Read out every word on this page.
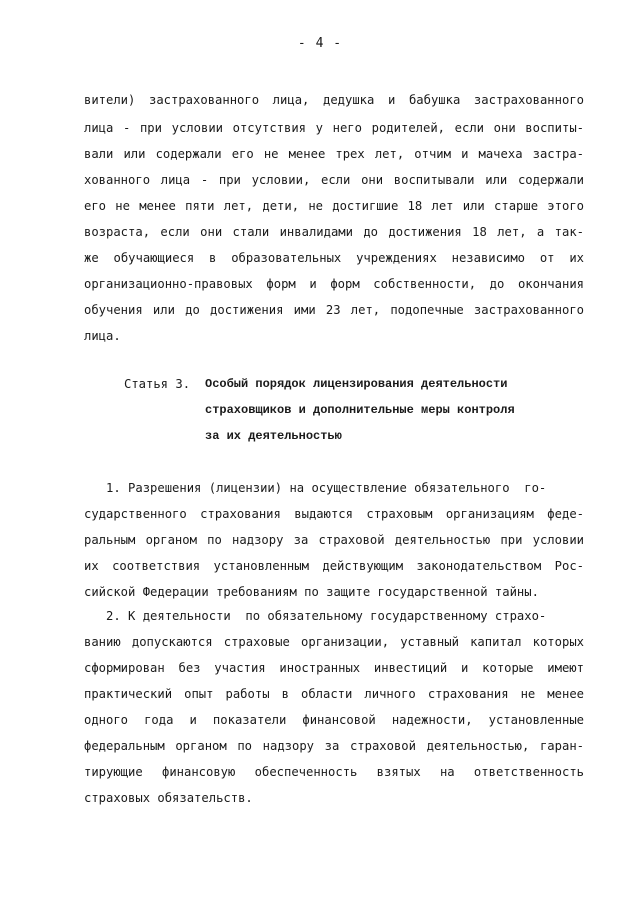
- 4 -
вители) застрахованного лица, дедушка и бабушка застрахованного
лица - при условии отсутствия у него родителей, если они воспиты-
вали или содержали его не менее трех лет, отчим и мачеха застра-
хованного лица - при условии, если они воспитывали или содержали
его не менее пяти лет, дети, не достигшие 18 лет или старше этого
возраста, если они стали инвалидами до достижения 18 лет, а так-
же обучающиеся в образовательных учреждениях независимо от их
организационно-правовых форм и форм собственности, до окончания
обучения или до достижения ими 23 лет, подопечные застрахованного
лица.
Статья 3. Особый порядок лицензирования деятельности
страховщиков и дополнительные меры контроля
за их деятельностью
1. Разрешения (лицензии) на осуществление обязательного  го-
сударственного страхования выдаются страховым организациям феде-
ральным органом по надзору за страховой деятельностью при условии
их соответствия установленным действующим законодательством Рос-
сийской Федерации требованиям по защите государственной тайны.
2. К деятельности  по обязательному государственному страхо-
ванию допускаются страховые организации, уставный капитал которых
сформирован без участия иностранных инвестиций и которые имеют
практический опыт работы в области личного страхования не менее
одного года и показатели финансовой надежности, установленные
федеральным органом по надзору за страховой деятельностью, гаран-
тирующие финансовую обеспеченность взятых на ответственность
страховых обязательств.
